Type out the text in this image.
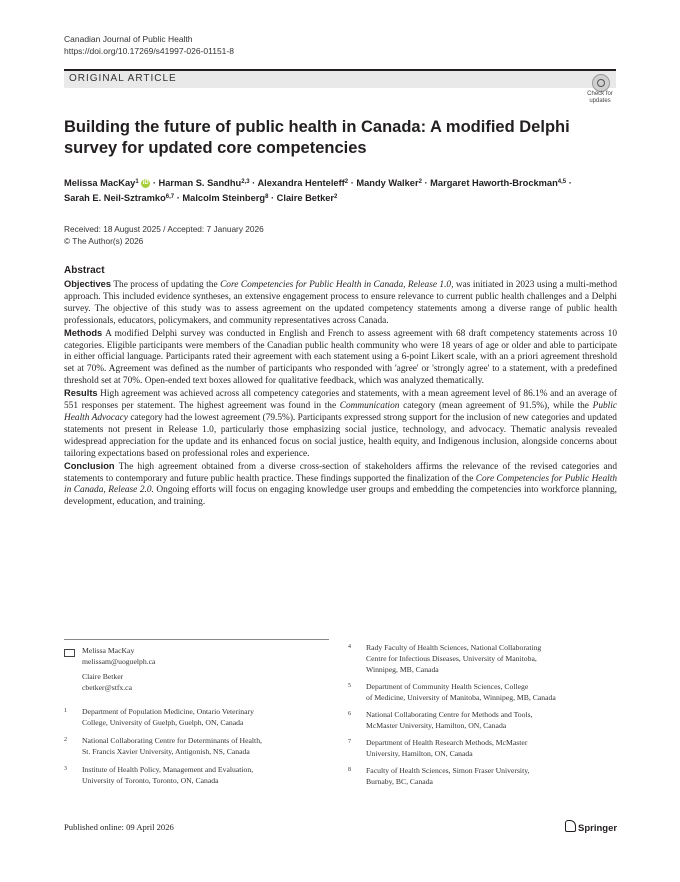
Canadian Journal of Public Health
https://doi.org/10.17269/s41997-026-01151-8
ORIGINAL ARTICLE
Check for
updates
Building the future of public health in Canada: A modified Delphi
survey for updated core competencies
Melissa MacKay$^1$ iD · Harman S. Sandhu$^{2,3}$ · Alexandra Henteleff$^2$ · Mandy Walker$^2$ · Margaret Haworth-Brockman$^{4,5}$ ·
Sarah E. Neil-Sztramko$^{6,7}$ · Malcolm Steinberg$^8$ · Claire Betker$^2$
Received: 18 August 2025 / Accepted: 7 January 2026
© The Author(s) 2026
Abstract

Objectives The process of updating the Core Competencies for Public Health in Canada, Release 1.0, was initiated in 2023 using a multi-method approach. This included evidence syntheses, an extensive engagement process to ensure relevance to current public health challenges and a Delphi survey. The objective of this study was to assess agreement on the updated competency statements among a diverse range of public health professionals, educators, policymakers, and community representatives across Canada.

Methods A modified Delphi survey was conducted in English and French to assess agreement with 68 draft competency statements across 10 categories. Eligible participants were members of the Canadian public health community who were 18 years of age or older and able to participate in either official language. Participants rated their agreement with each statement using a 6-point Likert scale, with an a priori agreement threshold set at 70%. Agreement was defined as the number of participants who responded with 'agree' or 'strongly agree' to a statement, with a predefined threshold set at 70%. Open-ended text boxes allowed for qualitative feedback, which was analyzed thematically.

Results High agreement was achieved across all competency categories and statements, with a mean agreement level of 86.1% and an average of 551 responses per statement. The highest agreement was found in the Communication category (mean agreement of 91.5%), while the Public Health Advocacy category had the lowest agreement (79.5%). Participants expressed strong support for the inclusion of new categories and updated statements not present in Release 1.0, particularly those emphasizing social justice, technology, and advocacy. Thematic analysis revealed widespread appreciation for the update and its enhanced focus on social justice, health equity, and Indigenous inclusion, alongside concerns about tailoring expectations based on professional roles and experience.

Conclusion The high agreement obtained from a diverse cross-section of stakeholders affirms the relevance of the revised categories and statements to contemporary and future public health practice. These findings supported the finalization of the Core Competencies for Public Health in Canada, Release 2.0. Ongoing efforts will focus on engaging knowledge user groups and embedding the competencies into workforce planning, development, education, and training.

Melissa MacKay
melissam@uoguelph.ca
Claire Betker
cbetker@stfx.ca
1 Department of Population Medicine, Ontario Veterinary
College, University of Guelph, Guelph, ON, Canada
2 National Collaborating Centre for Determinants of Health,
St. Francis Xavier University, Antigonish, NS, Canada
3 Institute of Health Policy, Management and Evaluation,
University of Toronto, Toronto, ON, Canada
4 Rady Faculty of Health Sciences, National Collaborating
Centre for Infectious Diseases, University of Manitoba,
Winnipeg, MB, Canada
5 Department of Community Health Sciences, College
of Medicine, University of Manitoba, Winnipeg, MB, Canada
6 National Collaborating Centre for Methods and Tools,
McMaster University, Hamilton, ON, Canada
7 Department of Health Research Methods, McMaster
University, Hamilton, ON, Canada
8 Faculty of Health Sciences, Simon Fraser University,
Burnaby, BC, Canada
Published online: 09 April 2026	Springer
